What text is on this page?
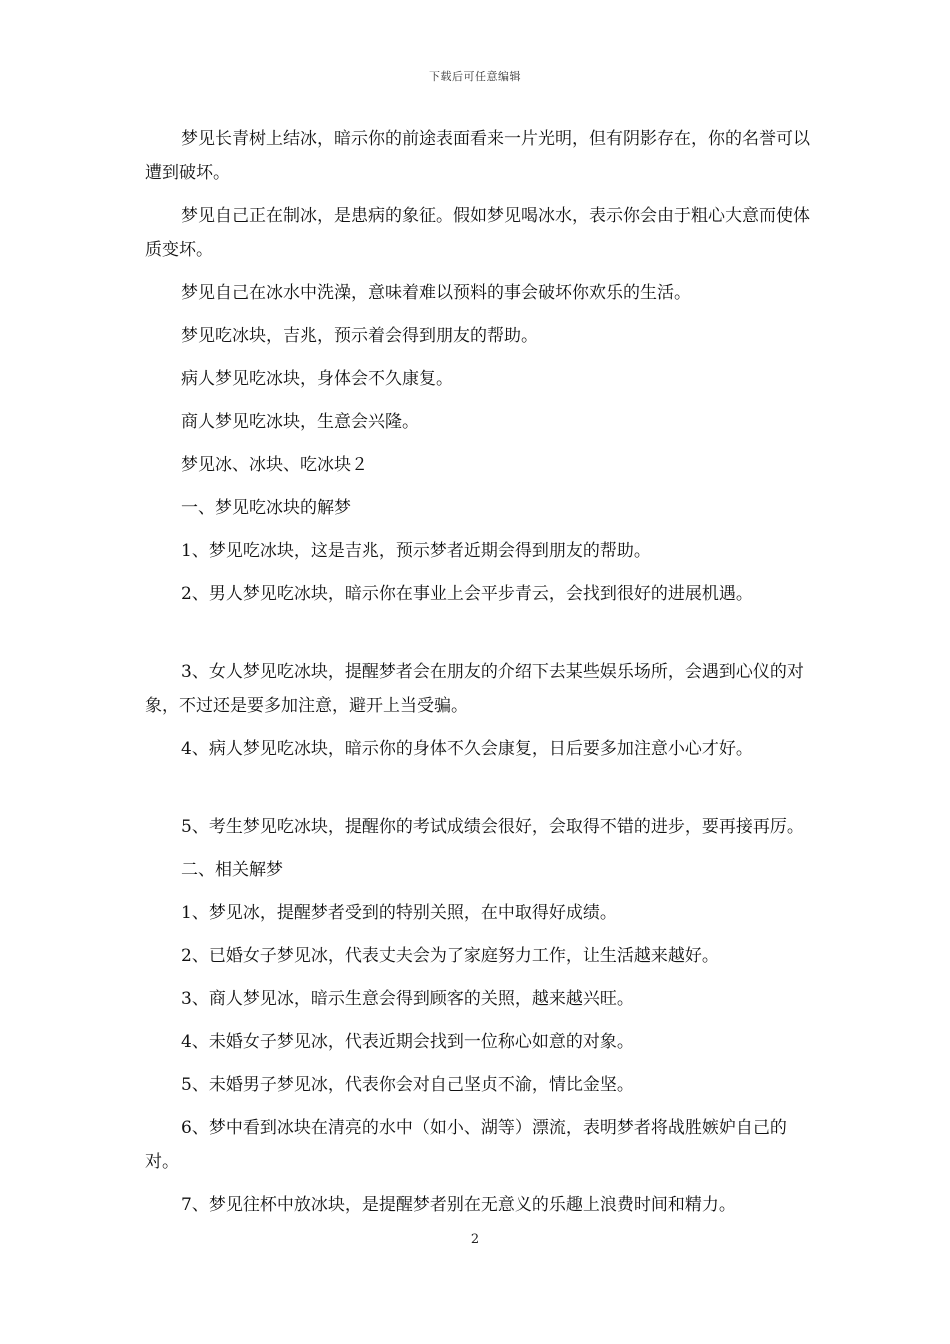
下载后可任意编辑

梦见长青树上结冰，暗示你的前途表面看来一片光明，但有阴影存在，你的名誉可以遭到破坏。

梦见自己正在制冰，是患病的象征。假如梦见喝冰水，表示你会由于粗心大意而使体质变坏。

梦见自己在冰水中洗澡，意味着难以预料的事会破坏你欢乐的生活。

梦见吃冰块，吉兆，预示着会得到朋友的帮助。

病人梦见吃冰块，身体会不久康复。

商人梦见吃冰块，生意会兴隆。

梦见冰、冰块、吃冰块２

一、梦见吃冰块的解梦

1、梦见吃冰块，这是吉兆，预示梦者近期会得到朋友的帮助。

2、男人梦见吃冰块，暗示你在事业上会平步青云，会找到很好的进展机遇。

3、女人梦见吃冰块，提醒梦者会在朋友的介绍下去某些娱乐场所，会遇到心仪的对象，不过还是要多加注意，避开上当受骗。

4、病人梦见吃冰块，暗示你的身体不久会康复，日后要多加注意小心才好。

5、考生梦见吃冰块，提醒你的考试成绩会很好，会取得不错的进步，要再接再厉。

二、相关解梦

1、梦见冰，提醒梦者受到的特别关照，在中取得好成绩。

2、已婚女子梦见冰，代表丈夫会为了家庭努力工作，让生活越来越好。

3、商人梦见冰，暗示生意会得到顾客的关照，越来越兴旺。

4、未婚女子梦见冰，代表近期会找到一位称心如意的对象。

5、未婚男子梦见冰，代表你会对自己坚贞不渝，情比金坚。

6、梦中看到冰块在清亮的水中（如小、湖等）漂流，表明梦者将战胜嫉妒自己的对。

7、梦见往杯中放冰块，是提醒梦者别在无意义的乐趣上浪费时间和精力。

2
